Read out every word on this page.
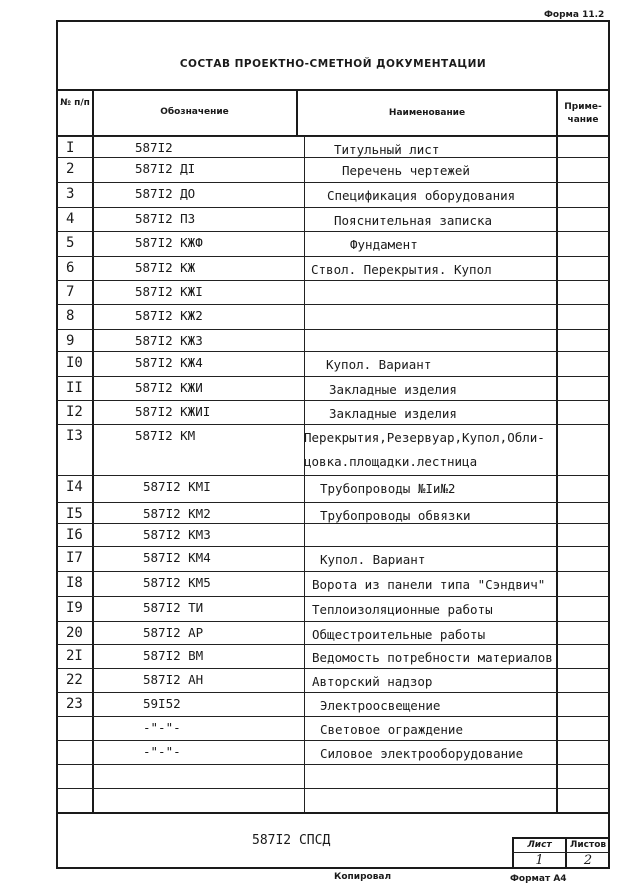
Форма 11.2
СОСТАВ ПРОЕКТНО-СМЕТНОЙ ДОКУМЕНТАЦИИ
№ п/п
Обозначение	Наименование
Приме- чание
I	587I2	Титульный лист
2	587I2 ДI	Перечень чертежей
3	587I2 ДО	Спецификация оборудования
4	587I2 ПЗ	Пояснительная записка
5	587I2 КЖФ	Фундамент
6	587I2 КЖ	Ствол. Перекрытия. Купол
7	587I2 КЖI
8	587I2 КЖ2
9	587I2 КЖ3
I0	587I2 КЖ4	Купол. Вариант
II	587I2 КЖИ	Закладные изделия
I2	587I2 КЖИI	Закладные изделия
I3	587I2 КМ	Перекрытия,Резервуар,Купол,Обли-
цовка.площадки.лестница
I4	587I2 КМI	Трубопроводы №Iи№2
I5	587I2 КМ2	Трубопроводы обвязки
I6	587I2 КМ3
I7	587I2 КМ4	Купол. Вариант
I8	587I2 КМ5	Ворота из панели типа "Сэндвич"
I9	587I2 ТИ	Теплоизоляционные работы
20	587I2 АР	Общестроительные работы
2I	587I2 ВМ	Ведомость потребности материалов
22	587I2 АН	Авторский надзор
23	59I52	Электроосвещение
-"-"-	Световое ограждение
-"-"-	Силовое электрооборудование
587I2 СПСД	Лист	Листов
1	2
Копировал	Формат А4
